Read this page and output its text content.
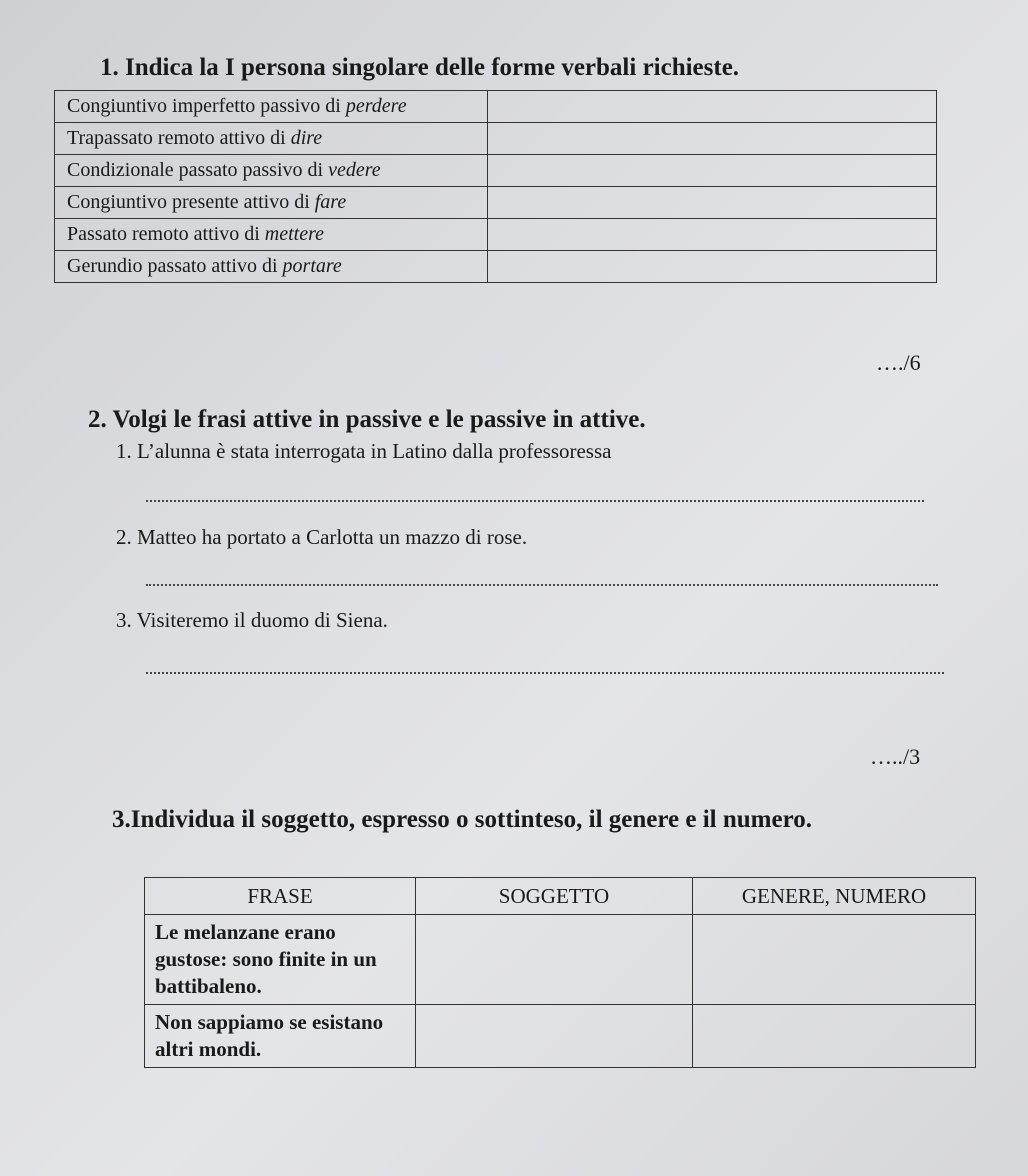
1. Indica la I persona singolare delle forme verbali richieste.
Congiuntivo imperfetto passivo di perdere	
Trapassato remoto attivo di dire	
Condizionale passato passivo di vedere	
Congiuntivo presente attivo di fare	
Passato remoto attivo di mettere	
Gerundio passato attivo di portare	
…./6
2. Volgi le frasi attive in passive e le passive in attive.
1. L’alunna è stata interrogata in Latino dalla professoressa
2. Matteo ha portato a Carlotta un mazzo di rose.
3. Visiteremo il duomo di Siena.
…../3
3.Individua il soggetto, espresso o sottinteso, il genere e il numero.
FRASE	SOGGETTO	GENERE, NUMERO

Le melanzane erano
gustose: sono finite in un
battibaleno.		

Non sappiamo se esistano
altri mondi.		
